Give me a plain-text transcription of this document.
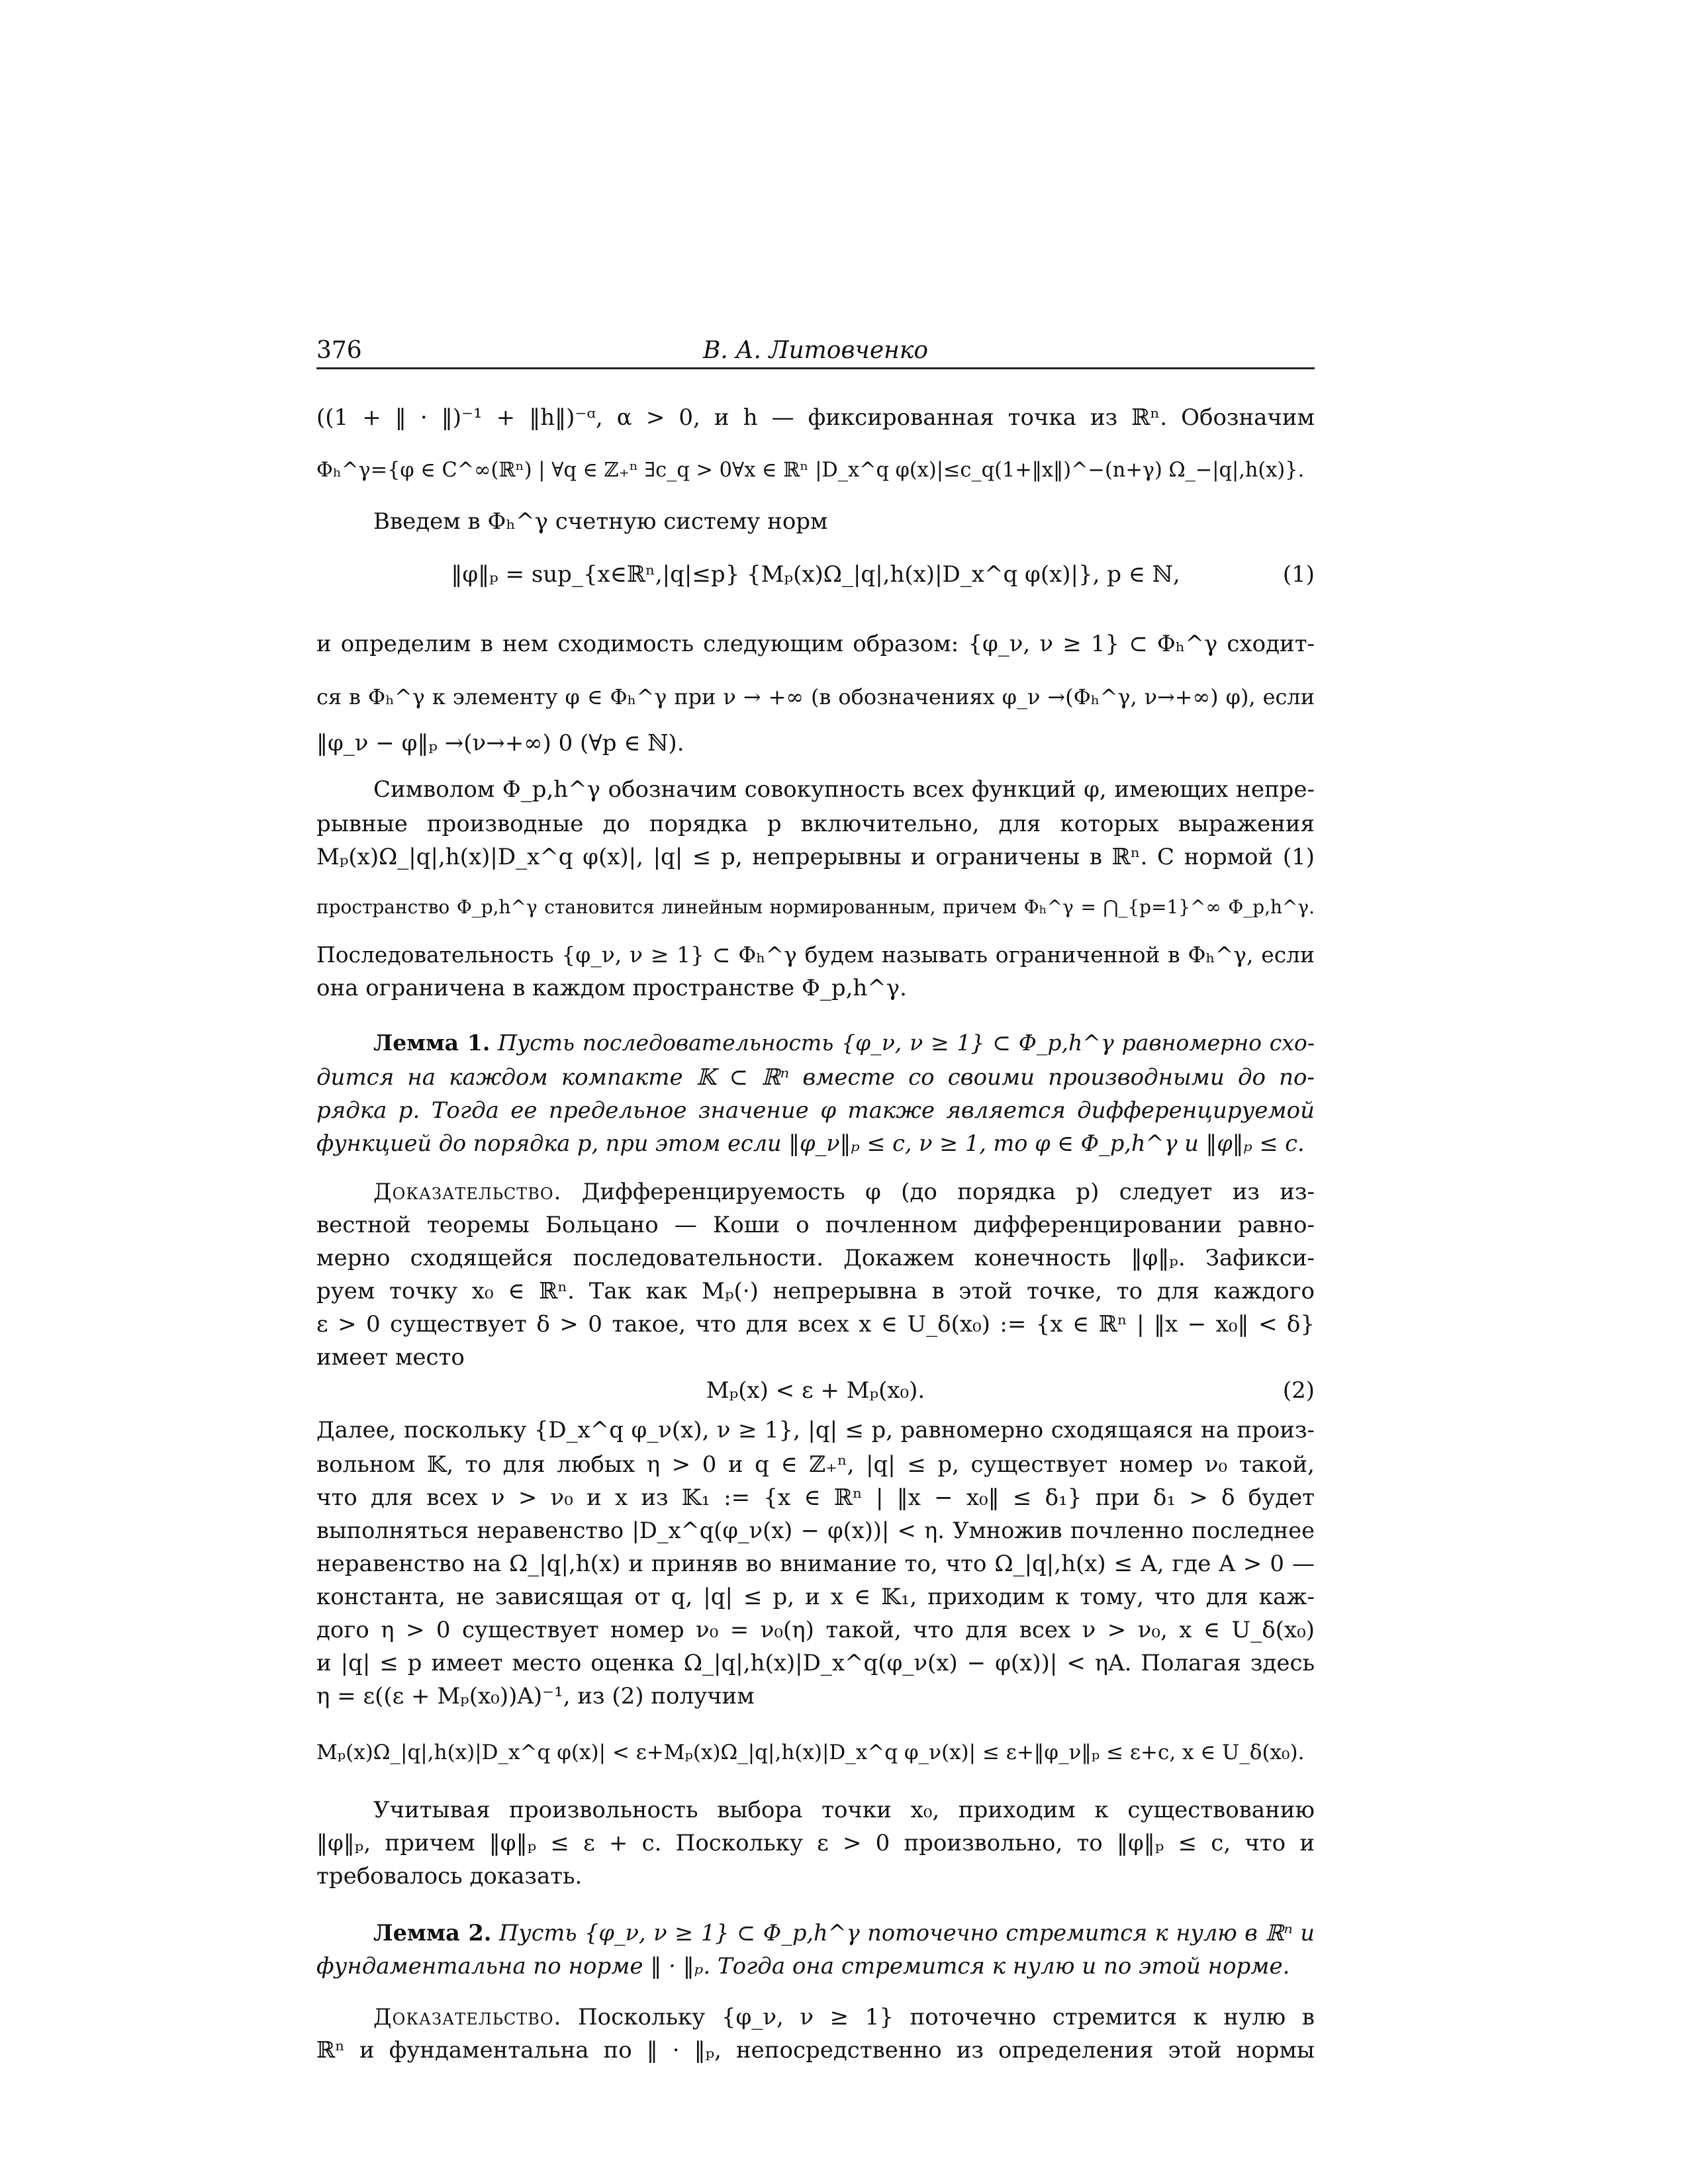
376	В. А. Литовченко
((1 + ‖ · ‖)⁻¹ + ‖h‖)⁻ᵅ, α > 0, и h — фиксированная точка из ℝⁿ. Обозначим
Φₕ^γ={φ ∈ C^∞(ℝⁿ) | ∀q ∈ ℤ₊ⁿ ∃c_q > 0∀x ∈ ℝⁿ |D_x^q φ(x)|≤c_q(1+‖x‖)^−(n+γ) Ω_−|q|,h(x)}.
Введем в Φₕ^γ счетную систему норм
‖φ‖ₚ = sup_{x∈ℝⁿ,|q|≤p} {Mₚ(x)Ω_|q|,h(x)|D_x^q φ(x)|}, p ∈ ℕ,	(1)
и определим в нем сходимость следующим образом: {φ_ν, ν ≥ 1} ⊂ Φₕ^γ сходит-
ся в Φₕ^γ к элементу φ ∈ Φₕ^γ при ν → +∞ (в обозначениях φ_ν →(Φₕ^γ, ν→+∞) φ), если
‖φ_ν − φ‖ₚ →(ν→+∞) 0 (∀p ∈ ℕ).
Символом Φ_p,h^γ обозначим совокупность всех функций φ, имеющих непре-
рывные производные до порядка p включительно, для которых выражения
Mₚ(x)Ω_|q|,h(x)|D_x^q φ(x)|, |q| ≤ p, непрерывны и ограничены в ℝⁿ. С нормой (1)
пространство Φ_p,h^γ становится линейным нормированным, причем Φₕ^γ = ⋂_{p=1}^∞ Φ_p,h^γ.
Последовательность {φ_ν, ν ≥ 1} ⊂ Φₕ^γ будем называть ограниченной в Φₕ^γ, если
она ограничена в каждом пространстве Φ_p,h^γ.
Лемма 1. Пусть последовательность {φ_ν, ν ≥ 1} ⊂ Φ_p,h^γ равномерно схо-
дится на каждом компакте 𝕂 ⊂ ℝⁿ вместе со своими производными до по-
рядка p. Тогда ее предельное значение φ также является дифференцируемой
функцией до порядка p, при этом если ‖φ_ν‖ₚ ≤ c, ν ≥ 1, то φ ∈ Φ_p,h^γ и ‖φ‖ₚ ≤ c.
Доказательство. Дифференцируемость φ (до порядка p) следует из из-
вестной теоремы Больцано — Коши о почленном дифференцировании равно-
мерно сходящейся последовательности. Докажем конечность ‖φ‖ₚ. Зафикси-
руем точку x₀ ∈ ℝⁿ. Так как Mₚ(·) непрерывна в этой точке, то для каждого
ε > 0 существует δ > 0 такое, что для всех x ∈ U_δ(x₀) := {x ∈ ℝⁿ | ‖x − x₀‖ < δ}
имеет место
Mₚ(x) < ε + Mₚ(x₀).	(2)
Далее, поскольку {D_x^q φ_ν(x), ν ≥ 1}, |q| ≤ p, равномерно сходящаяся на произ-
вольном 𝕂, то для любых η > 0 и q ∈ ℤ₊ⁿ, |q| ≤ p, существует номер ν₀ такой,
что для всех ν > ν₀ и x из 𝕂₁ := {x ∈ ℝⁿ | ‖x − x₀‖ ≤ δ₁} при δ₁ > δ будет
выполняться неравенство |D_x^q(φ_ν(x) − φ(x))| < η. Умножив почленно последнее
неравенство на Ω_|q|,h(x) и приняв во внимание то, что Ω_|q|,h(x) ≤ A, где A > 0 —
константа, не зависящая от q, |q| ≤ p, и x ∈ 𝕂₁, приходим к тому, что для каж-
дого η > 0 существует номер ν₀ = ν₀(η) такой, что для всех ν > ν₀, x ∈ U_δ(x₀)
и |q| ≤ p имеет место оценка Ω_|q|,h(x)|D_x^q(φ_ν(x) − φ(x))| < ηA. Полагая здесь
η = ε((ε + Mₚ(x₀))A)⁻¹, из (2) получим
Mₚ(x)Ω_|q|,h(x)|D_x^q φ(x)| < ε+Mₚ(x)Ω_|q|,h(x)|D_x^q φ_ν(x)| ≤ ε+‖φ_ν‖ₚ ≤ ε+c, x ∈ U_δ(x₀).
Учитывая произвольность выбора точки x₀, приходим к существованию
‖φ‖ₚ, причем ‖φ‖ₚ ≤ ε + c. Поскольку ε > 0 произвольно, то ‖φ‖ₚ ≤ c, что и
требовалось доказать.
Лемма 2. Пусть {φ_ν, ν ≥ 1} ⊂ Φ_p,h^γ поточечно стремится к нулю в ℝⁿ и
фундаментальна по норме ‖ · ‖ₚ. Тогда она стремится к нулю и по этой норме.
Доказательство. Поскольку {φ_ν, ν ≥ 1} поточечно стремится к нулю в
ℝⁿ и фундаментальна по ‖ · ‖ₚ, непосредственно из определения этой нормы
